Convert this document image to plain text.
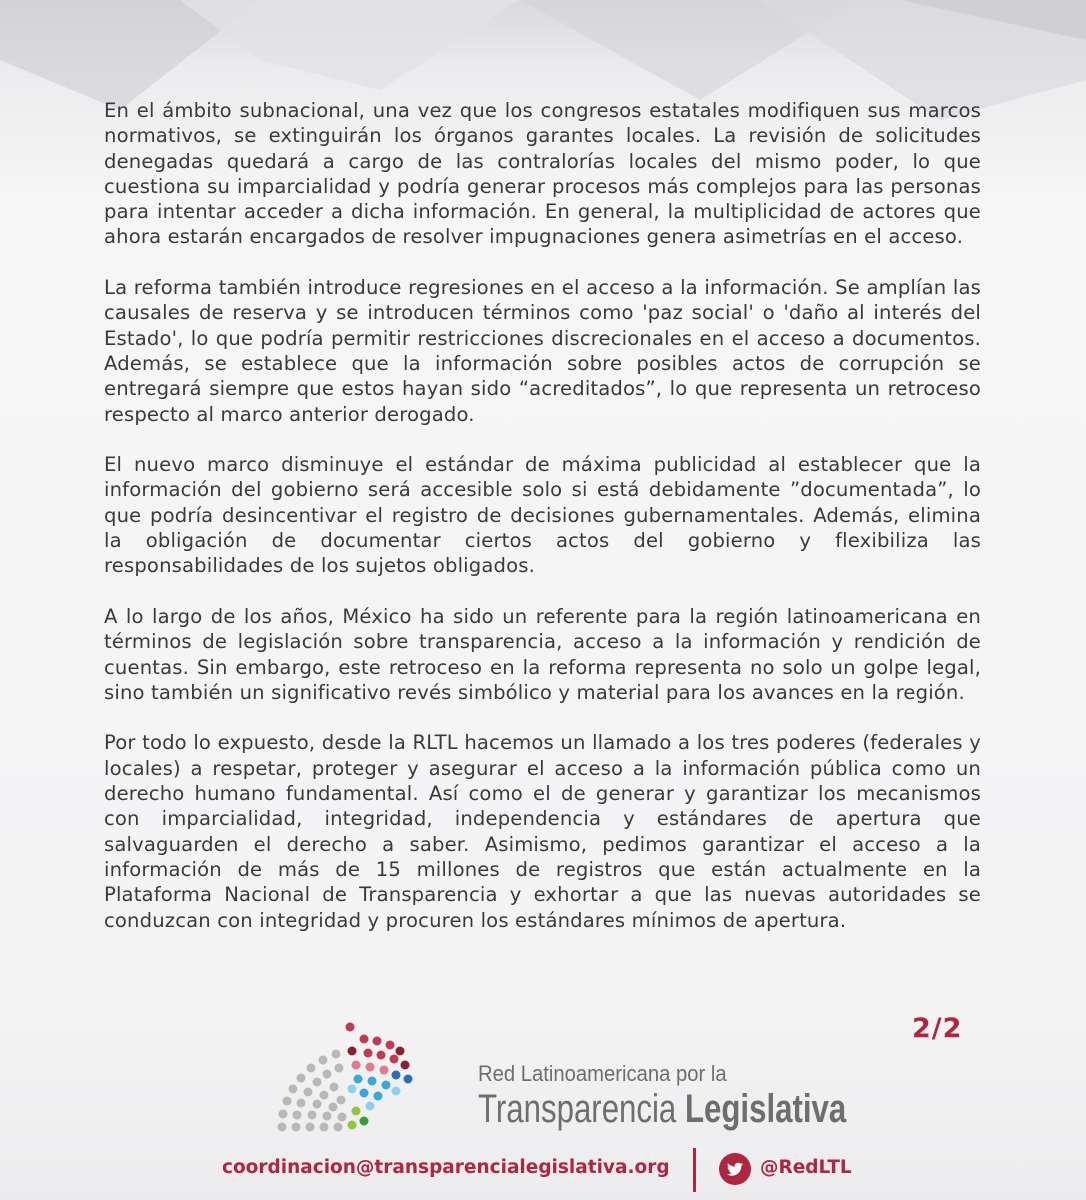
En el ámbito subnacional, una vez que los congresos estatales modifiquen sus marcos normativos, se extinguirán los órganos garantes locales. La revisión de solicitudes denegadas quedará a cargo de las contralorías locales del mismo poder, lo que cuestiona su imparcialidad y podría generar procesos más complejos para las personas para intentar acceder a dicha información. En general, la multiplicidad de actores que ahora estarán encargados de resolver impugnaciones genera asimetrías en el acceso.

La reforma también introduce regresiones en el acceso a la información. Se amplían las causales de reserva y se introducen términos como 'paz social' o 'daño al interés del Estado', lo que podría permitir restricciones discrecionales en el acceso a documentos. Además, se establece que la información sobre posibles actos de corrupción se entregará siempre que estos hayan sido “acreditados”, lo que representa un retroceso respecto al marco anterior derogado.

El nuevo marco disminuye el estándar de máxima publicidad al establecer que la información del gobierno será accesible solo si está debidamente ”documentada”, lo que podría desincentivar el registro de decisiones gubernamentales. Además, elimina la obligación de documentar ciertos actos del gobierno y flexibiliza las responsabilidades de los sujetos obligados.

A lo largo de los años, México ha sido un referente para la región latinoamericana en términos de legislación sobre transparencia, acceso a la información y rendición de cuentas. Sin embargo, este retroceso en la reforma representa no solo un golpe legal, sino también un significativo revés simbólico y material para los avances en la región.

Por todo lo expuesto, desde la RLTL hacemos un llamado a los tres poderes (federales y locales) a respetar, proteger y asegurar el acceso a la información pública como un derecho humano fundamental. Así como el de generar y garantizar los mecanismos con imparcialidad, integridad, independencia y estándares de apertura que salvaguarden el derecho a saber. Asimismo, pedimos garantizar el acceso a la información de más de 15 millones de registros que están actualmente en la Plataforma Nacional de Transparencia y exhortar a que las nuevas autoridades se conduzcan con integridad y procuren los estándares mínimos de apertura.

2/2
Red Latinoamericana por la
Transparencia Legislativa
coordinacion@transparencialegislativa.org	@RedLTL
